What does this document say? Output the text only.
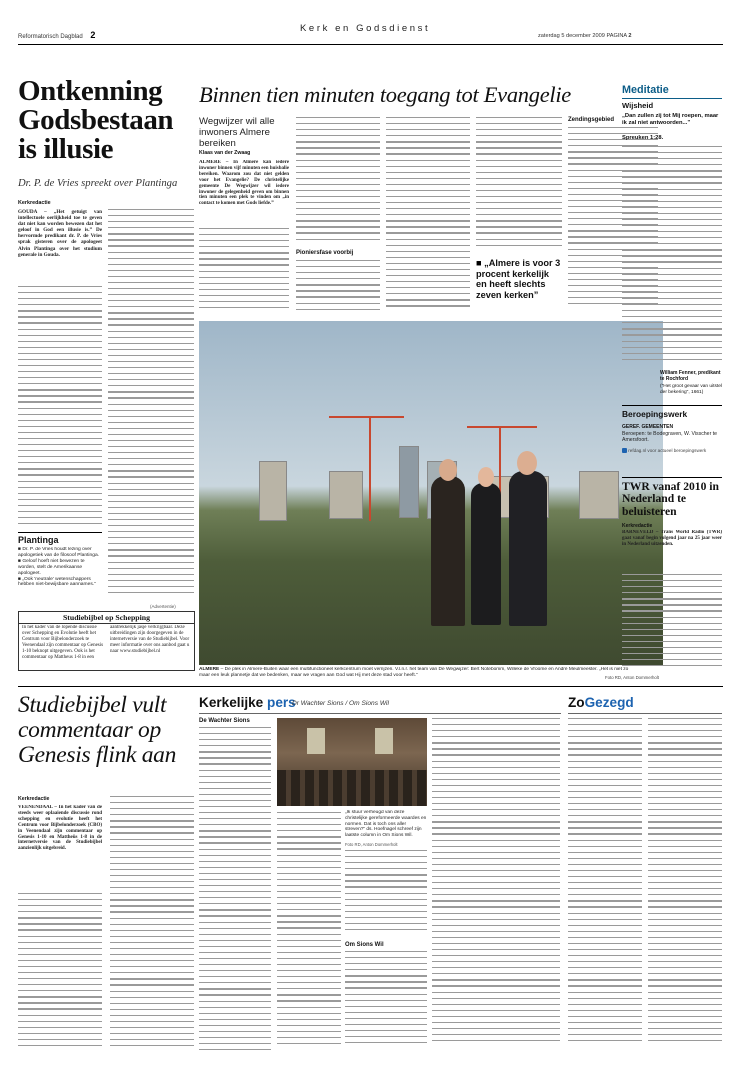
Reformatorisch Dagblad 2
Kerk en Godsdienst
zaterdag 5 december 2009 PAGINA 2
Ontkenning Godsbestaan is illusie
Dr. P. de Vries spreekt over Plantinga
Kerkredactie
GOUDA – „Het getuigt van intellectuele oerlijkheid toe te geven dat niet kan worden bewezen dat het geloof in God een illusie is.” De hervormde predikant dr. P. de Vries sprak gisteren over de apologeet Alvin Plantinga over het studium generale in Gouda.
Plantinga
■ Dr. P. de Vries houdt lezing over apologetiek van de filosoof Plantinga.
■ Geloof hoeft niet bewezen te worden, stelt de Amerikaanse apologeet.
■ „Ook 'neutrale' wetenschappers hebben niet-bewijsbare aannames.”
(Advertentie)
Studiebijbel op Schepping
In het kader van de lopende discussie over Schepping en Evolutie heeft het Centrum voor Bijbelonderzoek te Veenendaal zijn commentaar op Genesis 1-10 beknopt uitgegeven. Ook is het commentaar op Mattheus 1-8 in een
aantrekkelijk jasje verkrijgbaar. Deze uitbreidingen zijn doorgegeven in de internetversie van de Studiebijbel. Voor meer informatie over ons aanbod gaat u naar www.studiebijbel.nl
Binnen tien minuten toegang tot Evangelie
Wegwijzer wil alle inwoners Almere bereiken
Klaas van der Zwaag
ALMERE – In Almere kan iedere inwoner binnen vijf minuten een huisbalie bereiken. Waarom zou dat niet gelden voor het Evangelie? De christelijke gemeente De Wegwijzer wil iedere inwoner de gelegenheid geven om binnen tien minuten een plek te vinden om „in contact te komen met Gods liefde.”
Pioniersfase voorbij
■ „Almere is voor 3 procent kerkelijk en heeft slechts zeven kerken”
Zendingsgebied
ALMERE – De plek in Almere-Buiten waar een multifunctioneel kerkcentrum moet verrijzen. V.l.n.r. het team van De Wegwijzer: Bert Notebomm, Willeke de Vroome en André Meulmeester. „Het is niet zo maar een leuk plannetje dat we bedenken, maar we vragen aan God wat Hij met deze stad voor heeft.”	Foto RD, Anton Dommerholt
Meditatie
Wijsheid
„Dan zullen zij tot Mij roepen, maar ik zal niet antwoorden...”
Spreuken 1:28.
William Fenner, predikant te Rochford
("Het groot gevaar van uitstel der bekering", 1661)
Beroepingswerk
GEREF. GEMEENTEN
Beroepen: te Bodegraven, W. Visscher te Amersfoort.
refdag.nl voor actueel beroepingswerk
TWR vanaf 2010 in Nederland te beluisteren
Kerkredactie
BARNEVELD – Trans World Radio (TWR) gaat vanaf begin volgend jaar na 25 jaar weer in Nederland uitzenden.
Studiebijbel vult commentaar op Genesis flink aan
Kerkredactie
VEENENDAAL – In het kader van de steeds weer oplaaiende discussie rond schepping en evolutie heeft het Centrum voor Bijbelonderzoek (CBO) in Veenendaal zijn commentaar op Genesis 1-10 en Mattheüs 1-8 in de internetversie van de Studiebijbel aanzienlijk uitgebreid.
Kerkelijke pers
Dr Wachter Sions / Om Sions Wil
De Wachter Sions
„Ik stuur verheugd van deze christelijke gereformeerde waardes en normen. Dat is toch ons aller streven?” ds. Hoefnagel schreef zijn laatste column in Om Sions Wil.
Foto RD, Anton Dommerholt
Om Sions Wil
ZoGezegd
